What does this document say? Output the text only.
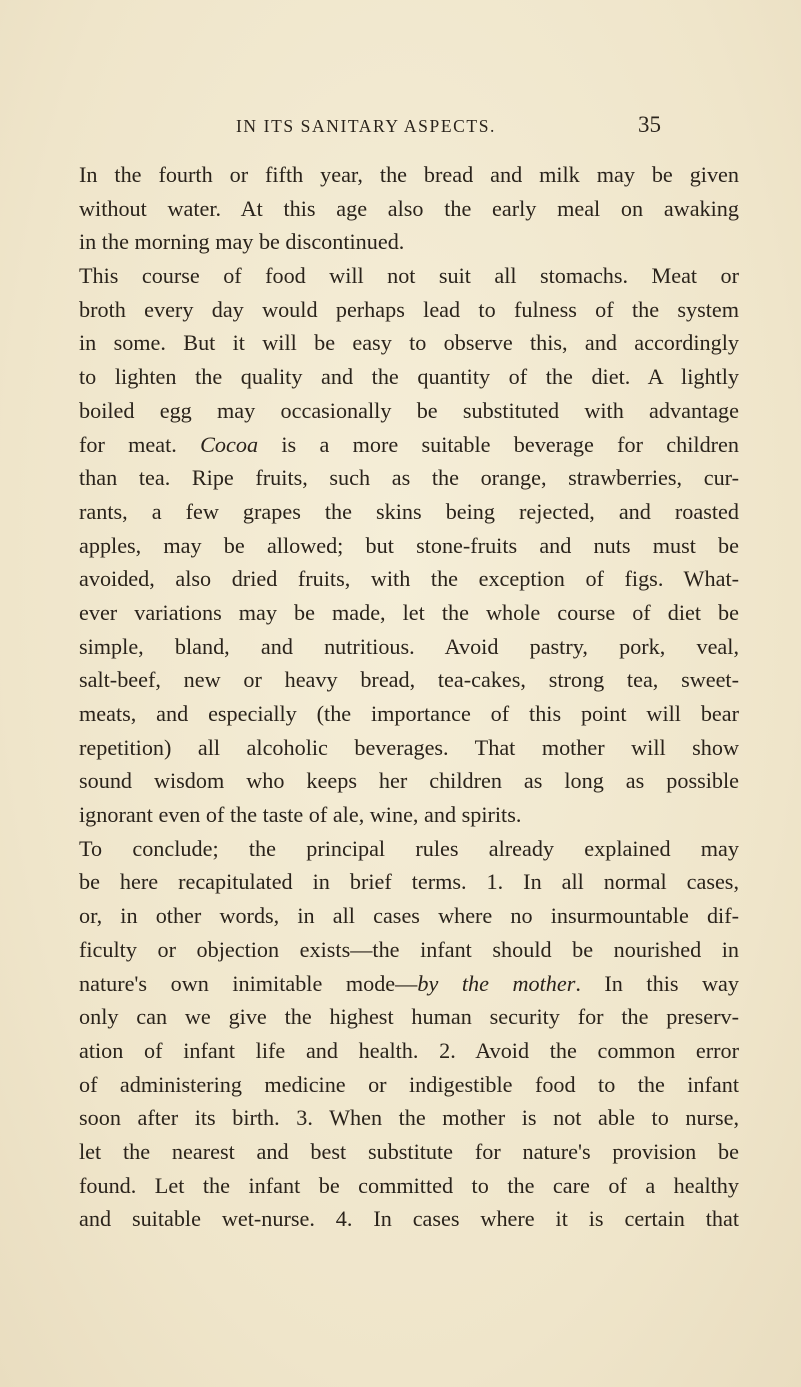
IN ITS SANITARY ASPECTS.	35
In the fourth or fifth year, the bread and milk may be given
without water. At this age also the early meal on awaking
in the morning may be discontinued.
This course of food will not suit all stomachs. Meat or
broth every day would perhaps lead to fulness of the system
in some. But it will be easy to observe this, and accordingly
to lighten the quality and the quantity of the diet. A lightly
boiled egg may occasionally be substituted with advantage
for meat. Cocoa is a more suitable beverage for children
than tea. Ripe fruits, such as the orange, strawberries, cur-
rants, a few grapes the skins being rejected, and roasted
apples, may be allowed; but stone-fruits and nuts must be
avoided, also dried fruits, with the exception of figs. What-
ever variations may be made, let the whole course of diet be
simple, bland, and nutritious. Avoid pastry, pork, veal,
salt-beef, new or heavy bread, tea-cakes, strong tea, sweet-
meats, and especially (the importance of this point will bear
repetition) all alcoholic beverages. That mother will show
sound wisdom who keeps her children as long as possible
ignorant even of the taste of ale, wine, and spirits.
To conclude; the principal rules already explained may
be here recapitulated in brief terms. 1. In all normal cases,
or, in other words, in all cases where no insurmountable dif-
ficulty or objection exists—the infant should be nourished in
nature's own inimitable mode—by the mother. In this way
only can we give the highest human security for the preserv-
ation of infant life and health. 2. Avoid the common error
of administering medicine or indigestible food to the infant
soon after its birth. 3. When the mother is not able to nurse,
let the nearest and best substitute for nature's provision be
found. Let the infant be committed to the care of a healthy
and suitable wet-nurse. 4. In cases where it is certain that
